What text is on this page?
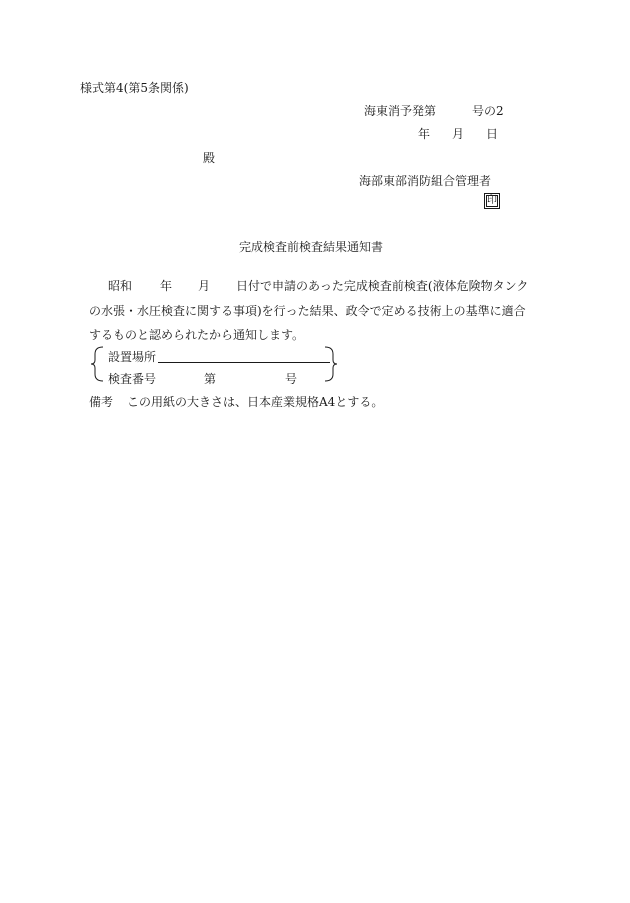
様式第4(第5条関係)
海東消予発第	号の2
年 月 日
殿
海部東部消防組合管理者
印
完成検査前検査結果通知書
昭和 年 月 日付で申請のあった完成検査前検査(液体危険物タンク
の水張・水圧検査に関する事項)を行った結果、政令で定める技術上の基準に適合
するものと認められたから通知します。
設置場所
検査番号	第	号
備考 この用紙の大きさは、日本産業規格A4とする。
